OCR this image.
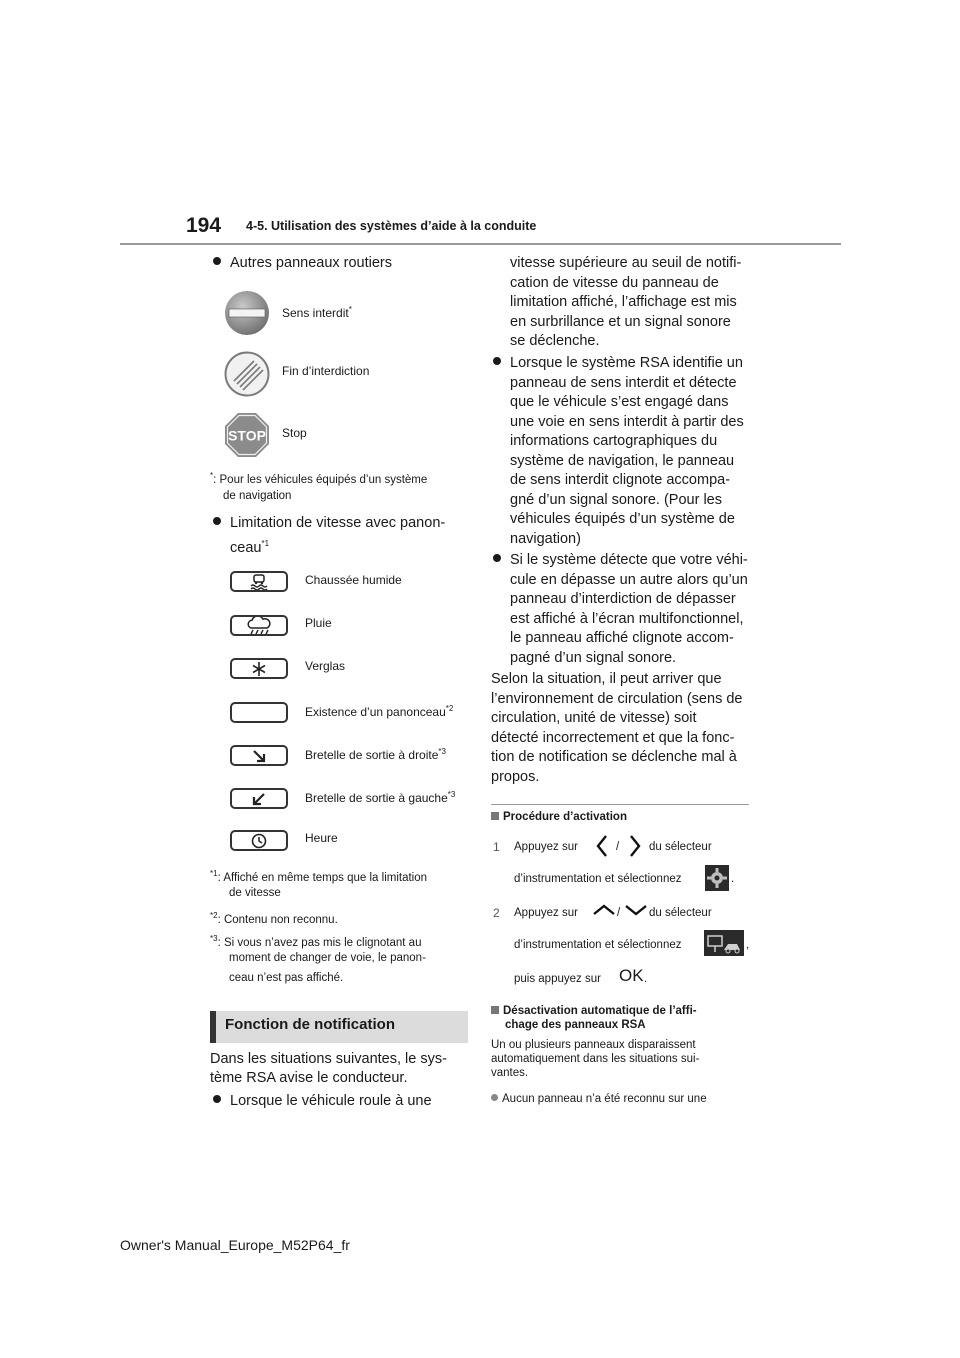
194 4-5. Utilisation des systèmes d’aide à la conduite
Autres panneaux routiers
Sens interdit*
Fin d’interdiction
STOP Stop
*: Pour les véhicules équipés d’un système
de navigation
Limitation de vitesse avec panon-
ceau$^{*1}$
Chaussée humide
Pluie
Verglas
Existence d’un panonceau$^{*2}$
Bretelle de sortie à droite$^{*3}$
Bretelle de sortie à gauche$^{*3}$
Heure
$^{*1}$: Affiché en même temps que la limitation
de vitesse
$^{*2}$: Contenu non reconnu.
$^{*3}$: Si vous n’avez pas mis le clignotant au
moment de changer de voie, le panon-
ceau n’est pas affiché.
Fonction de notification
Dans les situations suivantes, le sys-
tème RSA avise le conducteur.
Lorsque le véhicule roule à une
vitesse supérieure au seuil de notifi-
cation de vitesse du panneau de
limitation affiché, l’affichage est mis
en surbrillance et un signal sonore
se déclenche.
Lorsque le système RSA identifie un
panneau de sens interdit et détecte
que le véhicule s’est engagé dans
une voie en sens interdit à partir des
informations cartographiques du
système de navigation, le panneau
de sens interdit clignote accompa-
gné d’un signal sonore. (Pour les
véhicules équipés d’un système de
navigation)
Si le système détecte que votre véhi-
cule en dépasse un autre alors qu’un
panneau d’interdiction de dépasser
est affiché à l’écran multifonctionnel,
le panneau affiché clignote accom-
pagné d’un signal sonore.
Selon la situation, il peut arriver que
l’environnement de circulation (sens de
circulation, unité de vitesse) soit
détecté incorrectement et que la fonc-
tion de notification se déclenche mal à
propos.
Procédure d’activation
1 Appuyez sur	/	du sélecteur
d’instrumentation et sélectionnez	.
2 Appuyez sur	/	du sélecteur
d’instrumentation et sélectionnez	,
puis appuyez sur OK .
Désactivation automatique de l’affi-
chage des panneaux RSA
Un ou plusieurs panneaux disparaissent
automatiquement dans les situations sui-
vantes.
Aucun panneau n’a été reconnu sur une
Owner's Manual_Europe_M52P64_fr
